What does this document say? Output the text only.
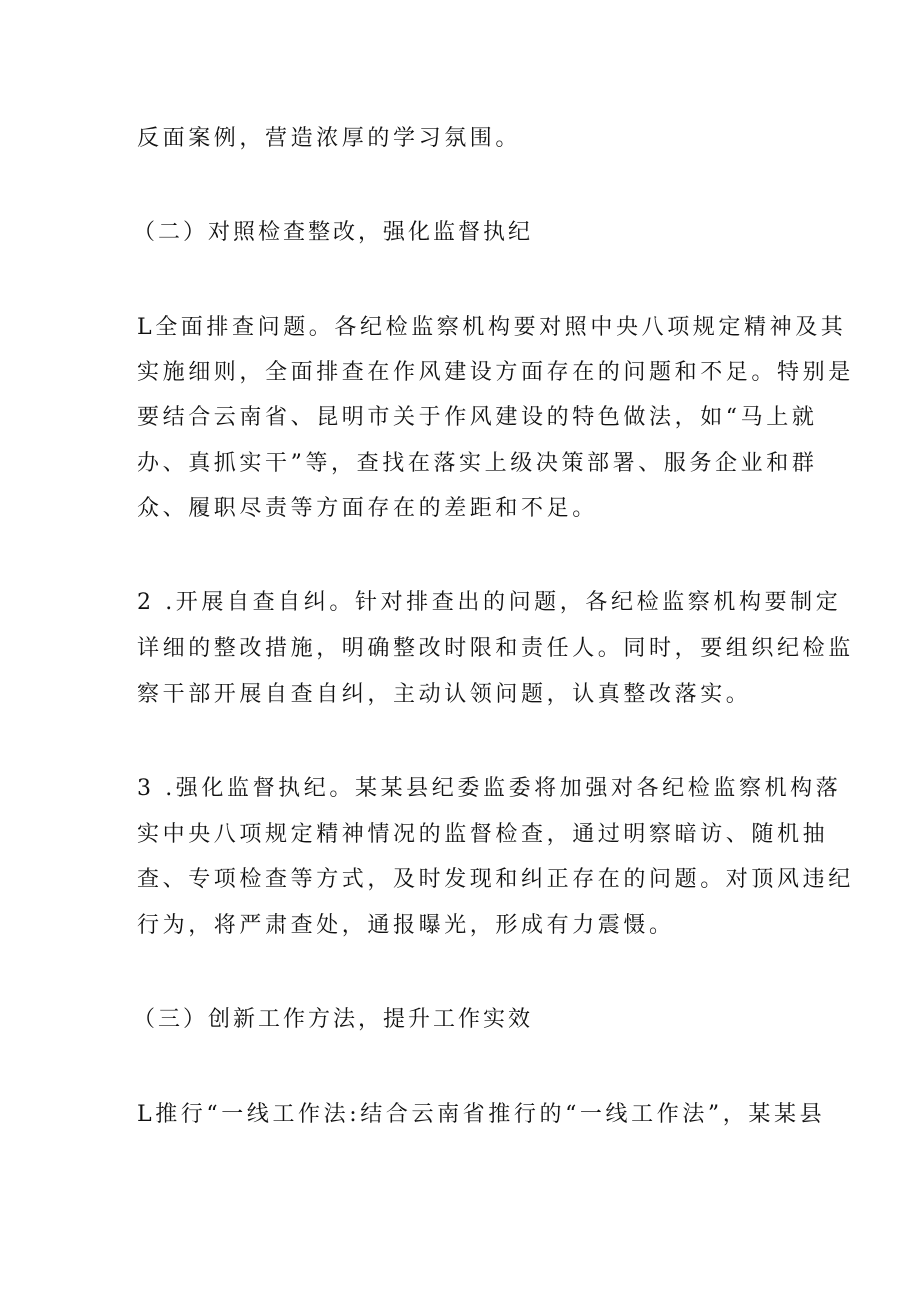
反面案例，营造浓厚的学习氛围。

（二）对照检查整改，强化监督执纪

L全面排查问题。各纪检监察机构要对照中央八项规定精神及其

实施细则，全面排查在作风建设方面存在的问题和不足。特别是

要结合云南省、昆明市关于作风建设的特色做法，如“马上就

办、真抓实干”等，查找在落实上级决策部署、服务企业和群

众、履职尽责等方面存在的差距和不足。

2 .开展自查自纠。针对排查出的问题，各纪检监察机构要制定

详细的整改措施，明确整改时限和责任人。同时，要组织纪检监

察干部开展自查自纠，主动认领问题，认真整改落实。

3 .强化监督执纪。某某县纪委监委将加强对各纪检监察机构落

实中央八项规定精神情况的监督检查，通过明察暗访、随机抽

查、专项检查等方式，及时发现和纠正存在的问题。对顶风违纪

行为，将严肃查处，通报曝光，形成有力震慑。

（三）创新工作方法，提升工作实效

L推行“一线工作法:结合云南省推行的“一线工作法”，某某县
